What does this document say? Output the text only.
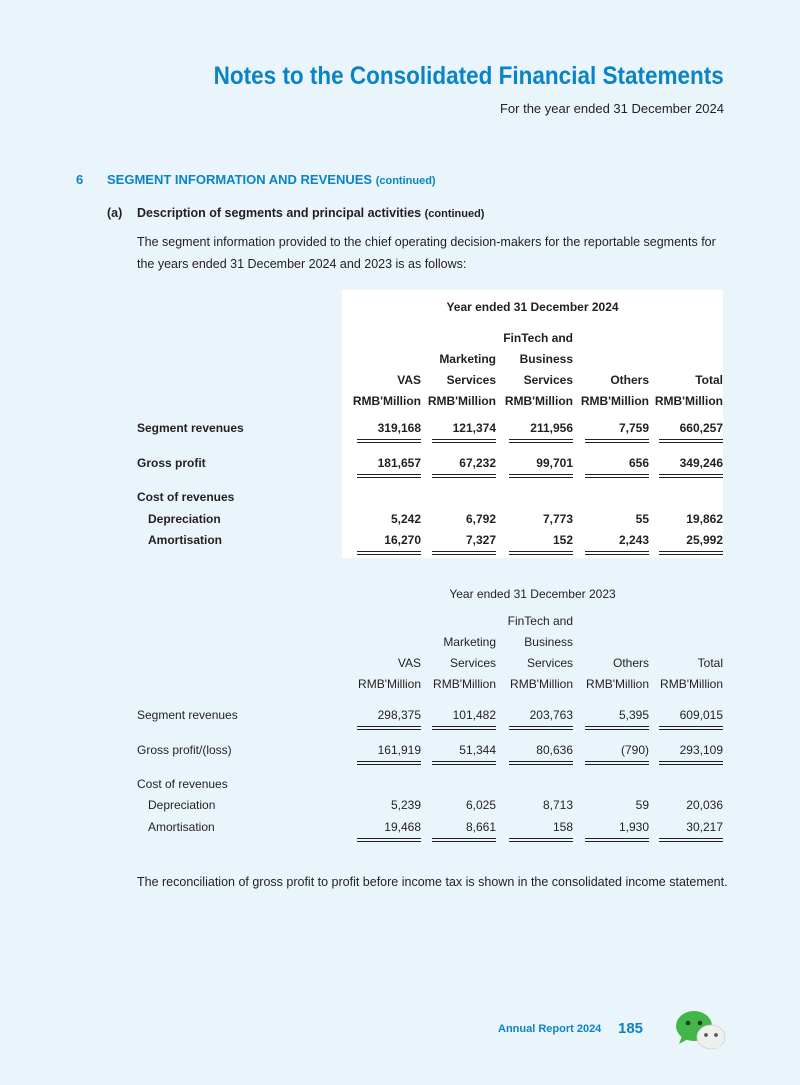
Notes to the Consolidated Financial Statements
For the year ended 31 December 2024
6 SEGMENT INFORMATION AND REVENUES (continued)
(a) Description of segments and principal activities (continued)
The segment information provided to the chief operating decision-makers for the reportable segments for the years ended 31 December 2024 and 2023 is as follows:
Year ended 31 December 2024
FinTech and
Marketing	Business
VAS	Services	Services	Others	Total
RMB'Million RMB'Million RMB'Million RMB'Million RMB'Million
Segment revenues	319,168	121,374	211,956	7,759	660,257
Gross profit	181,657	67,232	99,701	656	349,246
Cost of revenues
Depreciation	5,242	6,792	7,773	55	19,862
Amortisation	16,270	7,327	152	2,243	25,992
Year ended 31 December 2023
FinTech and
Marketing	Business
VAS	Services	Services	Others	Total
RMB'Million	RMB'Million	RMB'Million	RMB'Million RMB'Million
Segment revenues	298,375	101,482	203,763	5,395	609,015
Gross profit/(loss)	161,919	51,344	80,636	(790)	293,109
Cost of revenues
Depreciation	5,239	6,025	8,713	59	20,036
Amortisation	19,468	8,661	158	1,930	30,217
The reconciliation of gross profit to profit before income tax is shown in the consolidated income statement.
Annual Report 2024 185
